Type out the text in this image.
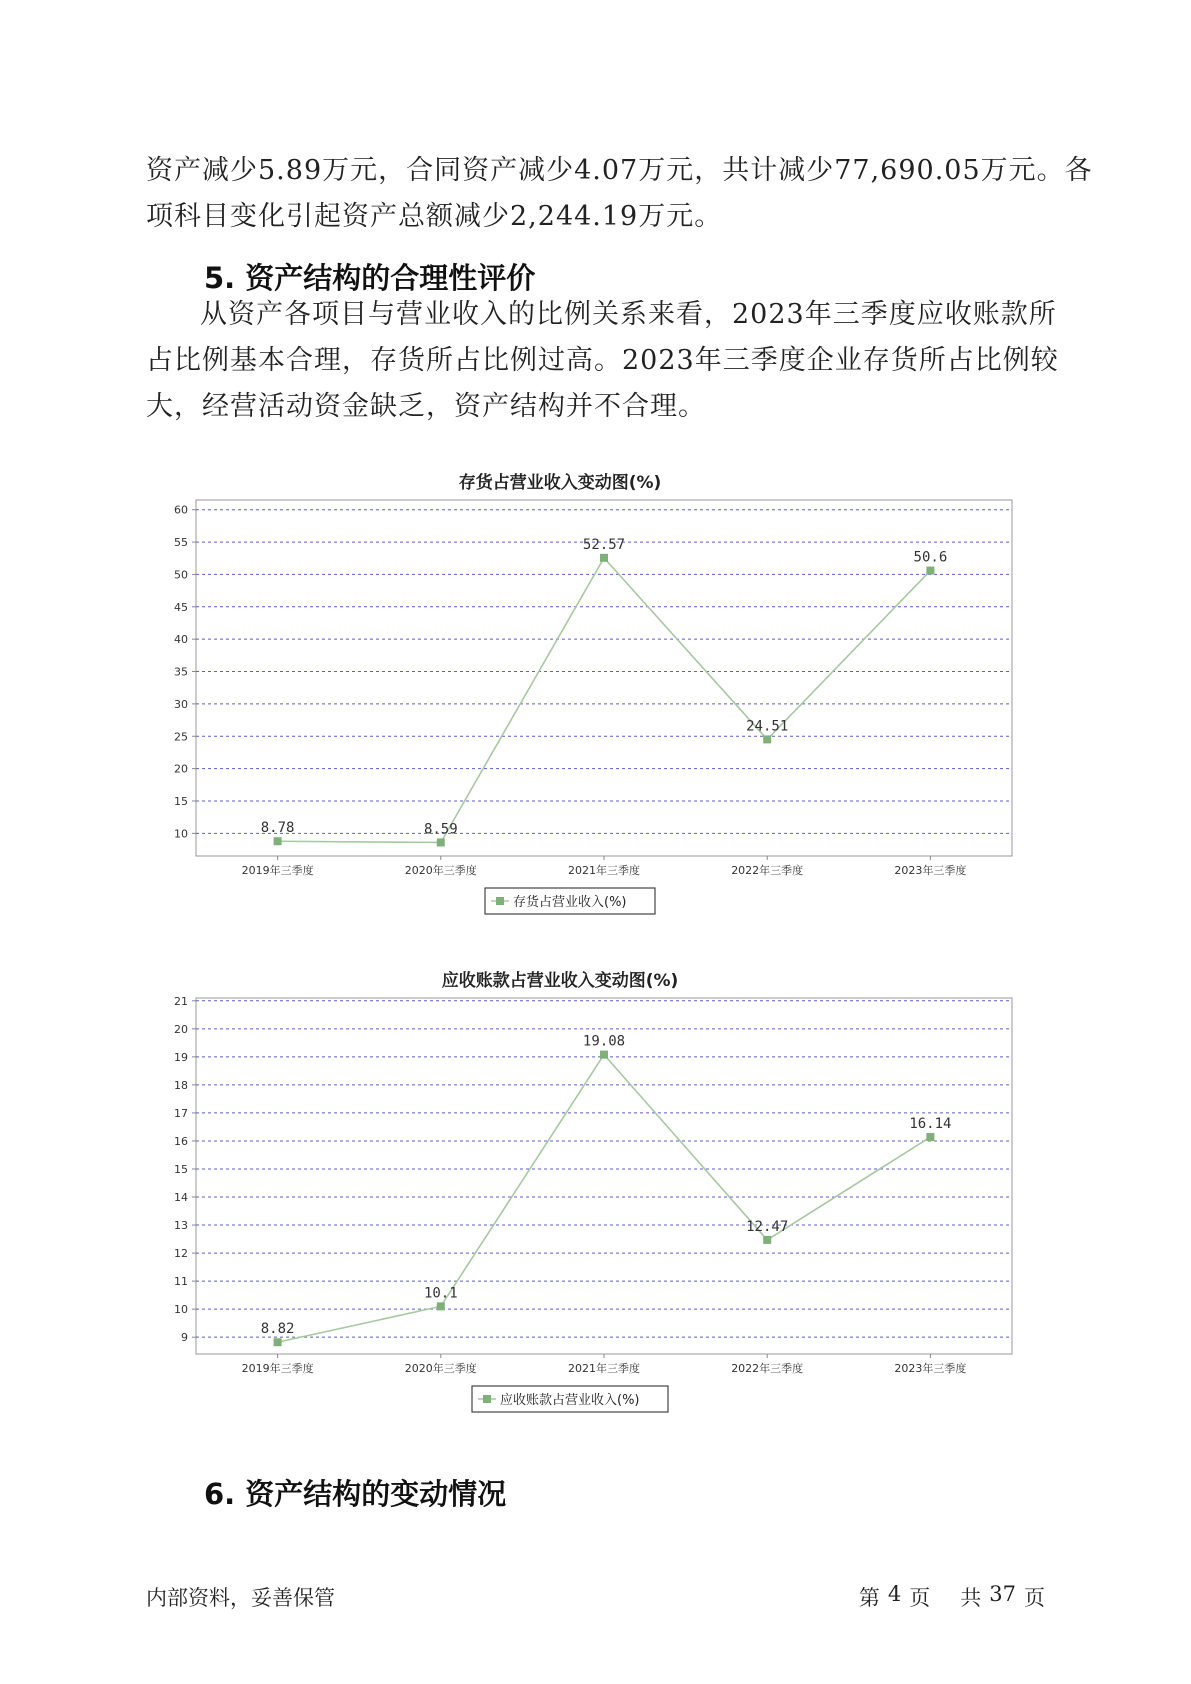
资产减少5.89万元，合同资产减少4.07万元，共计减少77,690.05万元。各
项科目变化引起资产总额减少2,244.19万元。
5. 资产结构的合理性评价
从资产各项目与营业收入的比例关系来看，2023年三季度应收账款所
占比例基本合理，存货所占比例过高。2023年三季度企业存货所占比例较
大，经营活动资金缺乏，资产结构并不合理。
存货占营业收入变动图(%)
10
15
20
25
30
35
40
45
50
55
60
2019年三季度	2020年三季度	2021年三季度	2022年三季度	2023年三季度
8.78	8.59
52.57
24.51
50.6
存货占营业收入(%)
应收账款占营业收入变动图(%)
9
10
11
12
13
14
15
16
17
18
19
20
21
2019年三季度	2020年三季度	2021年三季度	2022年三季度	2023年三季度
8.82
10.1
19.08
12.47
16.14
应收账款占营业收入(%)
6. 资产结构的变动情况
内部资料，妥善保管	第 4 页 共 37 页
